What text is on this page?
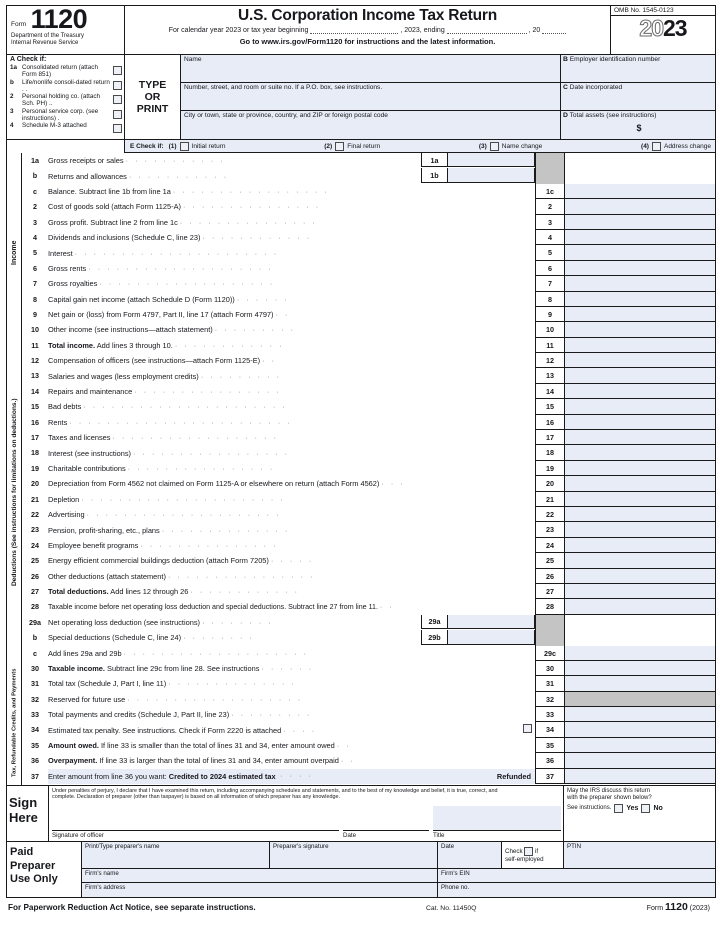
Form 1120
Department of the Treasury
Internal Revenue Service
U.S. Corporation Income Tax Return
For calendar year 2023 or tax year beginning	, 2023, ending	, 20
Go to www.irs.gov/Form1120 for instructions and the latest information.
OMB No. 1545-0123
2023
A Check if:
1a Consolidated return (attach Form 851)
b	Life/nonlife consoli-dated return . .
2	Personal holding co. (attach Sch. PH) ..
3	Personal service corp. (see instructions) .
4	Schedule M-3 attached
TYPE
OR
PRINT
Name
Number, street, and room or suite no. If a P.O. box, see instructions.
City or town, state or province, country, and ZIP or foreign postal code
B Employer identification number
C Date incorporated
D Total assets (see instructions)
$
E Check if: (1) Initial return	(2) Final return	(3) Name change	(4) Address change
Income
1a	Gross receipts or sales · · · · · · · · · · ·	1a
b	Returns and allowances · · · · · · · · · · ·	1b
c	Balance. Subtract line 1b from line 1a · · · · · · · · · · · · · · · · ·	1c
2	Cost of goods sold (attach Form 1125-A) · · · · · · · · · · · · · · ·	2
3	Gross profit. Subtract line 2 from line 1c · · · · · · · · · · · · · · ·	3
4	Dividends and inclusions (Schedule C, line 23) · · · · · · · · · · · ·	4
5	Interest · · · · · · · · · · · · · · · · · · · · · ·	5
6	Gross rents · · · · · · · · · · · · · · · · · · · ·	6
7	Gross royalties · · · · · · · · · · · · · · · · · · ·	7
8	Capital gain net income (attach Schedule D (Form 1120)) · · · · · ·	8
9	Net gain or (loss) from Form 4797, Part II, line 17 (attach Form 4797) · ·	9
10	Other income (see instructions—attach statement) · · · · · · · · ·	10
11	Total income. Add lines 3 through 10. · · · · · · · · · · · ·	11
Deductions (See instructions for limitations on deductions.)
12	Compensation of officers (see instructions—attach Form 1125-E) · ·	12
13	Salaries and wages (less employment credits) · · · · · · · · ·	13
14	Repairs and maintenance · · · · · · · · · · · · · · · ·	14
15	Bad debts · · · · · · · · · · · · · · · · · · · · · ·	15
16	Rents · · · · · · · · · · · · · · · · · · · · · · · ·	16
17	Taxes and licenses · · · · · · · · · · · · · · · · · ·	17
18	Interest (see instructions) · · · · · · · · · · · · · · · · ·	18
19	Charitable contributions · · · · · · · · · · · · · · · ·	19
20	Depreciation from Form 4562 not claimed on Form 1125-A or elsewhere on return (attach Form 4562) · · ·	20
21	Depletion · · · · · · · · · · · · · · · · · · · · · ·	21
22	Advertising · · · · · · · · · · · · · · · · · · · · ·	22
23	Pension, profit-sharing, etc., plans · · · · · · · · · · · · · ·	23
24	Employee benefit programs · · · · · · · · · · · · · · ·	24
25	Energy efficient commercial buildings deduction (attach Form 7205) · · · · ·	25
26	Other deductions (attach statement) · · · · · · · · · · · · · · · ·	26
27	Total deductions. Add lines 12 through 26 · · · · · · · · · · · ·	27
28	Taxable income before net operating loss deduction and special deductions. Subtract line 27 from line 11. · ·	28
29a Net operating loss deduction (see instructions) · · · · · · · ·	29a
b	Special deductions (Schedule C, line 24) · · · · · · · ·	29b
c	Add lines 29a and 29b · · · · · · · · · · · · · · · · · · · ·	29c
Tax, Refundable Credits, and Payments
30	Taxable income. Subtract line 29c from line 28. See instructions · · · · · ·	30
31	Total tax (Schedule J, Part I, line 11) · · · · · · · · · · · · · ·	31
32	Reserved for future use · · · · · · · · · · · · · · · · · · ·	32
33	Total payments and credits (Schedule J, Part II, line 23) · · · · · · · · ·	33
34	Estimated tax penalty. See instructions. Check if Form 2220 is attached · · · ·	34
35	Amount owed. If line 33 is smaller than the total of lines 31 and 34, enter amount owed · ·	35
36	Overpayment. If line 33 is larger than the total of lines 31 and 34, enter amount overpaid · ·	36
37	Enter amount from line 36 you want: Credited to 2024 estimated tax · · · ·	Refunded	37
Sign
Here
Under penalties of perjury, I declare that I have examined this return, including accompanying schedules and statements, and to the best of my knowledge and belief, it is true, correct, and
complete. Declaration of preparer (other than taxpayer) is based on all information of which preparer has any knowledge.
Signature of officer	Date	Title
May the IRS discuss this return
with the preparer shown below?
See instructions. Yes No
Paid
Preparer
Use Only
Print/Type preparer's name	Preparer's signature	Date
Check if
self-employed
PTIN
Firm's name	Firm's EIN
Firm's address	Phone no.
For Paperwork Reduction Act Notice, see separate instructions.	Cat. No. 11450Q	Form 1120 (2023)
